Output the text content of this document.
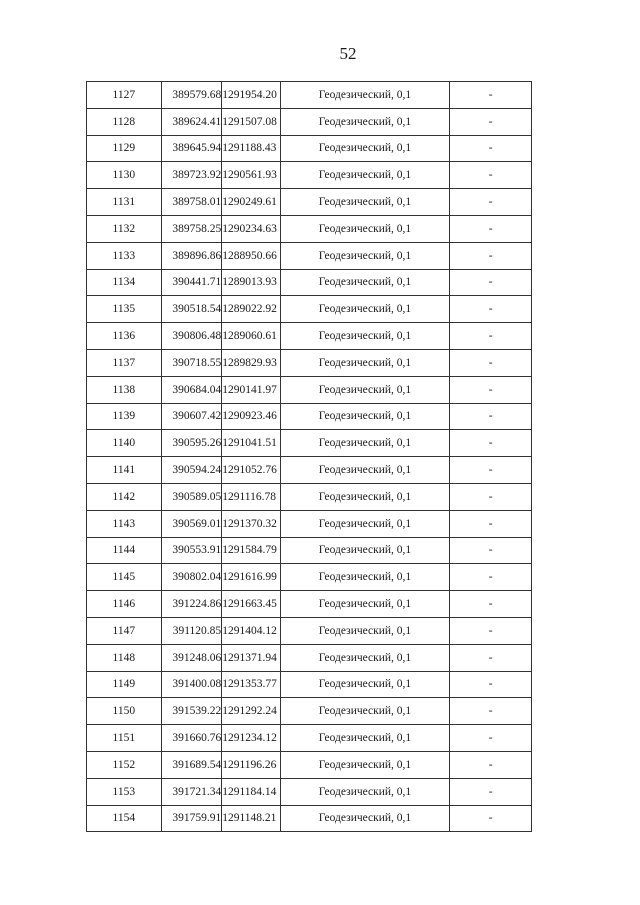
52
1127	389579.68	1291954.20	Геодезический, 0,1	-
1128	389624.41	1291507.08	Геодезический, 0,1	-
1129	389645.94	1291188.43	Геодезический, 0,1	-
1130	389723.92	1290561.93	Геодезический, 0,1	-
1131	389758.01	1290249.61	Геодезический, 0,1	-
1132	389758.25	1290234.63	Геодезический, 0,1	-
1133	389896.86	1288950.66	Геодезический, 0,1	-
1134	390441.71	1289013.93	Геодезический, 0,1	-
1135	390518.54	1289022.92	Геодезический, 0,1	-
1136	390806.48	1289060.61	Геодезический, 0,1	-
1137	390718.55	1289829.93	Геодезический, 0,1	-
1138	390684.04	1290141.97	Геодезический, 0,1	-
1139	390607.42	1290923.46	Геодезический, 0,1	-
1140	390595.26	1291041.51	Геодезический, 0,1	-
1141	390594.24	1291052.76	Геодезический, 0,1	-
1142	390589.05	1291116.78	Геодезический, 0,1	-
1143	390569.01	1291370.32	Геодезический, 0,1	-
1144	390553.91	1291584.79	Геодезический, 0,1	-
1145	390802.04	1291616.99	Геодезический, 0,1	-
1146	391224.86	1291663.45	Геодезический, 0,1	-
1147	391120.85	1291404.12	Геодезический, 0,1	-
1148	391248.06	1291371.94	Геодезический, 0,1	-
1149	391400.08	1291353.77	Геодезический, 0,1	-
1150	391539.22	1291292.24	Геодезический, 0,1	-
1151	391660.76	1291234.12	Геодезический, 0,1	-
1152	391689.54	1291196.26	Геодезический, 0,1	-
1153	391721.34	1291184.14	Геодезический, 0,1	-
1154	391759.91	1291148.21	Геодезический, 0,1	-
